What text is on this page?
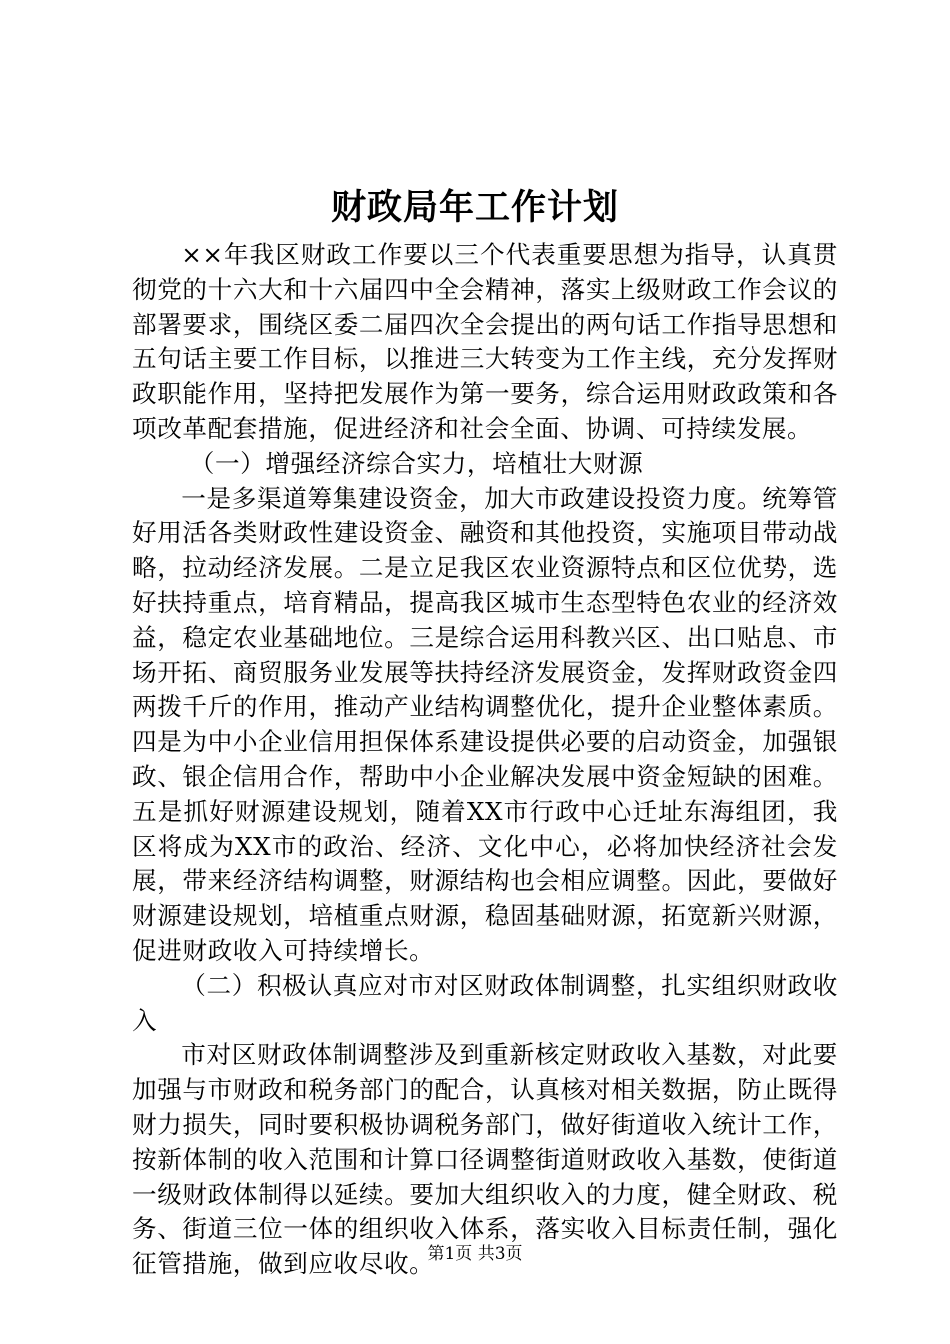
财政局年工作计划

××年我区财政工作要以三个代表重要思想为指导，认真贯彻党的十六大和十六届四中全会精神，落实上级财政工作会议的部署要求，围绕区委二届四次全会提出的两句话工作指导思想和五句话主要工作目标，以推进三大转变为工作主线，充分发挥财政职能作用，坚持把发展作为第一要务，综合运用财政政策和各项改革配套措施，促进经济和社会全面、协调、可持续发展。

（一）增强经济综合实力，培植壮大财源

一是多渠道筹集建设资金，加大市政建设投资力度。统筹管好用活各类财政性建设资金、融资和其他投资，实施项目带动战略，拉动经济发展。二是立足我区农业资源特点和区位优势，选好扶持重点，培育精品，提高我区城市生态型特色农业的经济效益，稳定农业基础地位。三是综合运用科教兴区、出口贴息、市场开拓、商贸服务业发展等扶持经济发展资金，发挥财政资金四两拨千斤的作用，推动产业结构调整优化，提升企业整体素质。四是为中小企业信用担保体系建设提供必要的启动资金，加强银政、银企信用合作，帮助中小企业解决发展中资金短缺的困难。五是抓好财源建设规划，随着XX市行政中心迁址东海组团，我区将成为XX市的政治、经济、文化中心，必将加快经济社会发展，带来经济结构调整，财源结构也会相应调整。因此，要做好财源建设规划，培植重点财源，稳固基础财源，拓宽新兴财源，促进财政收入可持续增长。

（二）积极认真应对市对区财政体制调整，扎实组织财政收入

市对区财政体制调整涉及到重新核定财政收入基数，对此要加强与市财政和税务部门的配合，认真核对相关数据，防止既得财力损失，同时要积极协调税务部门，做好街道收入统计工作，按新体制的收入范围和计算口径调整街道财政收入基数，使街道一级财政体制得以延续。要加大组织收入的力度，健全财政、税务、街道三位一体的组织收入体系，落实收入目标责任制，强化征管措施，做到应收尽收。

第1页 共3页
